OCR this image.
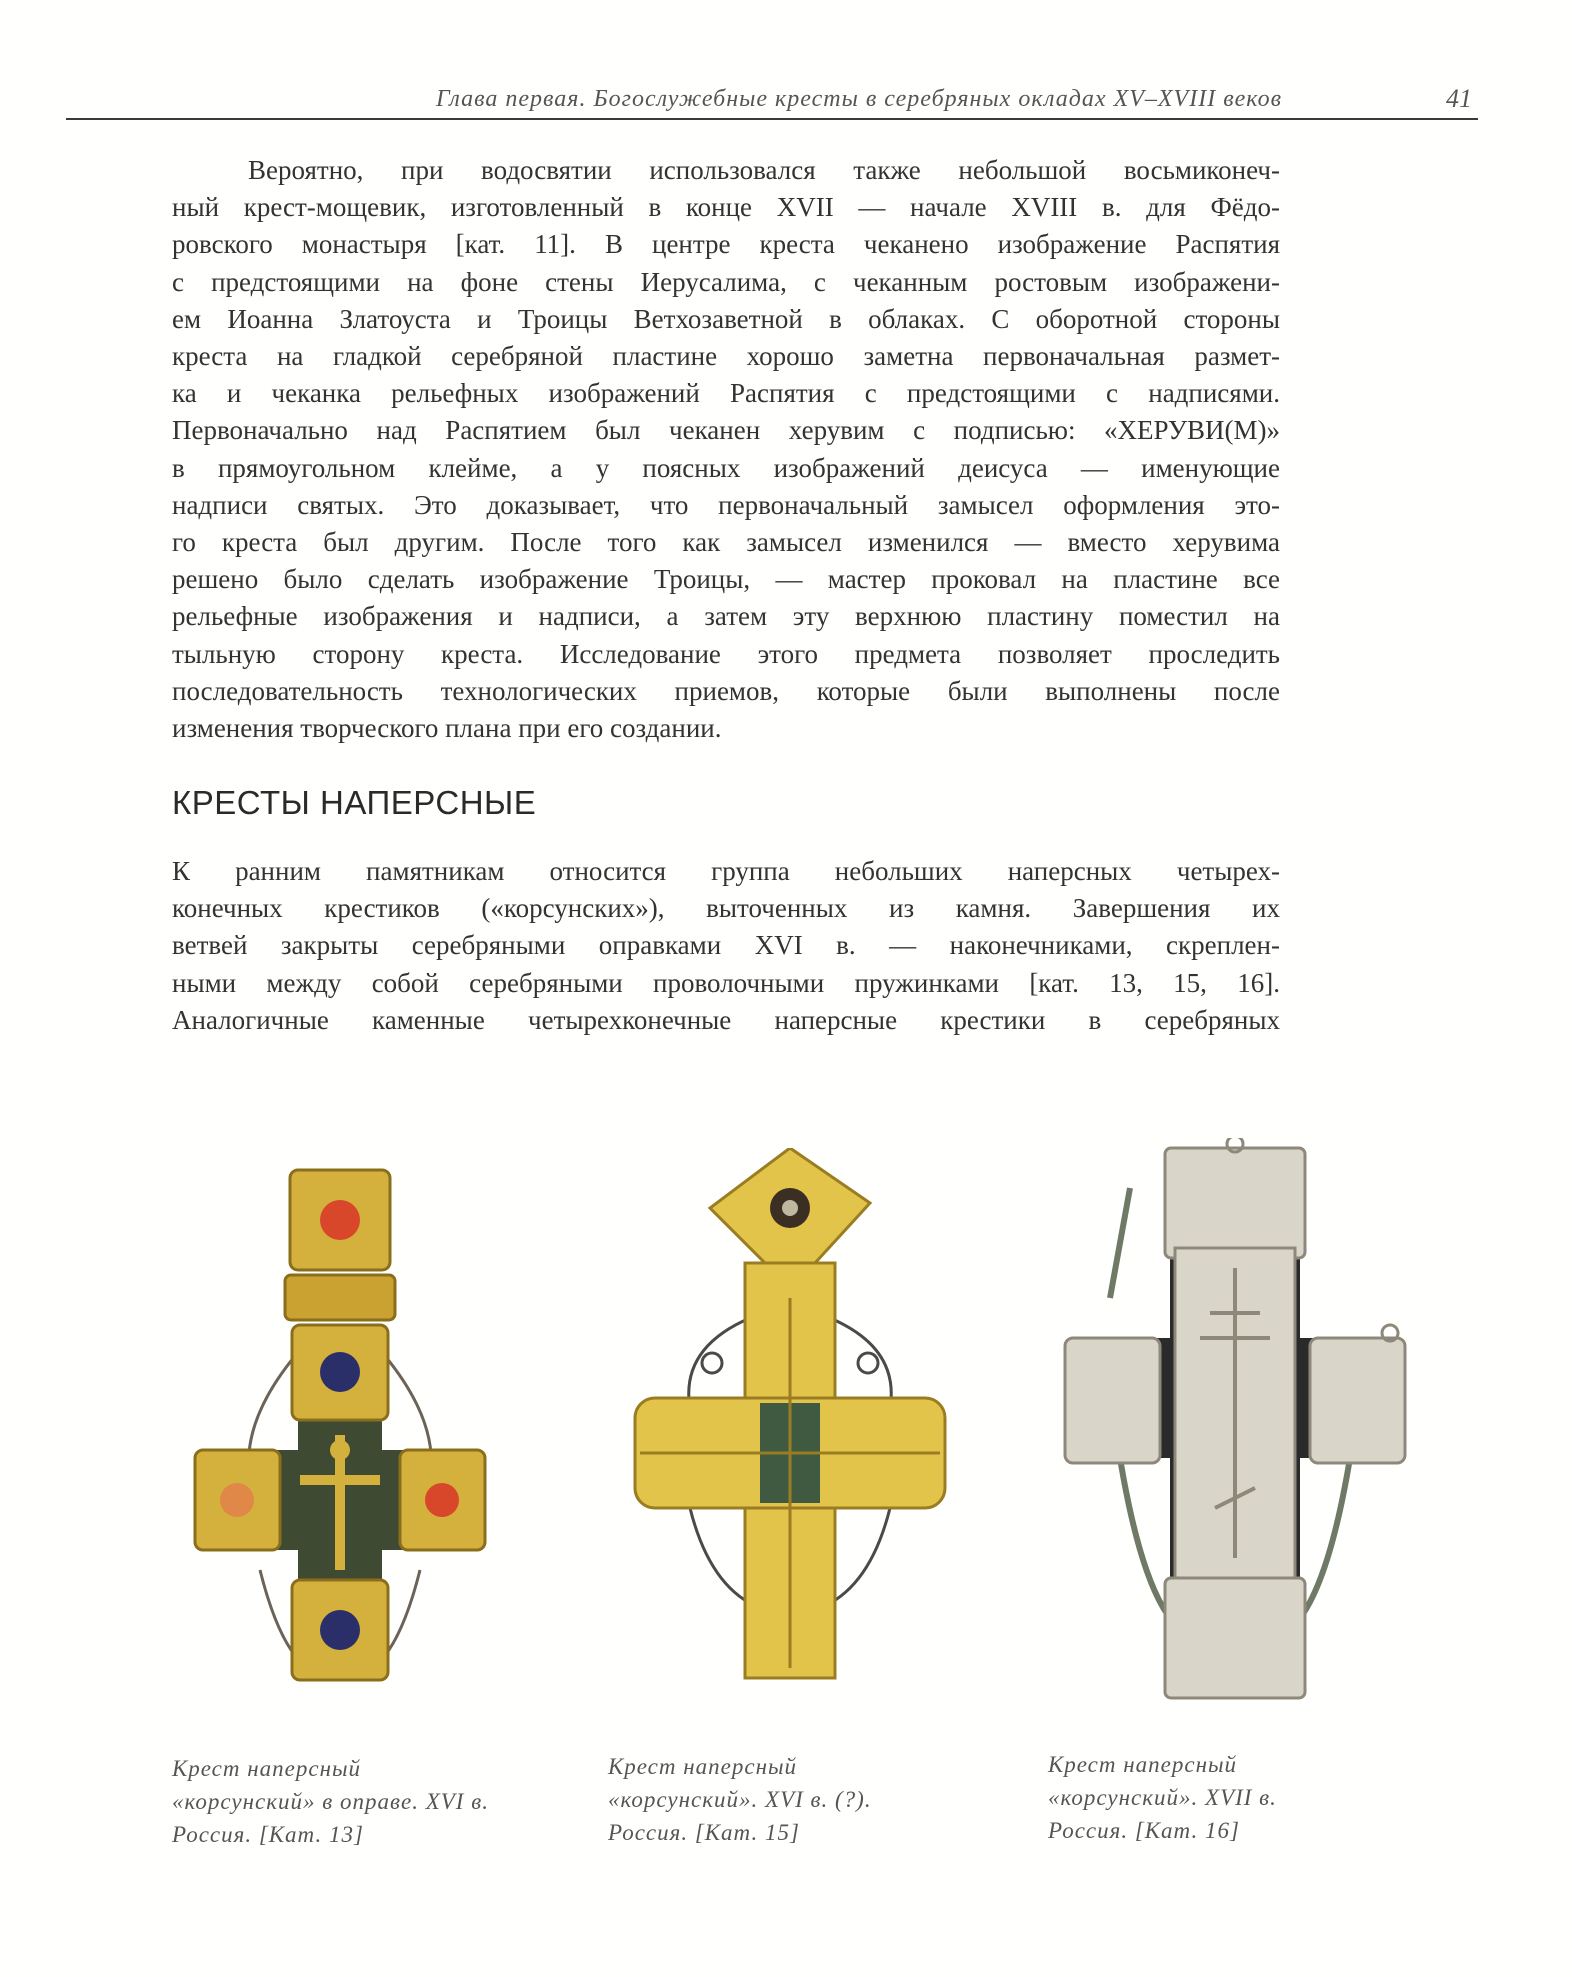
Глава первая. Богослужебные кресты в серебряных окладах XV–XVIII веков	41
Вероятно, при водосвятии использовался также небольшой восьмиконеч-
ный крест-мощевик, изготовленный в конце XVII — начале XVIII в. для Фёдо-
ровского монастыря [кат. 11]. В центре креста чеканено изображение Распятия
с предстоящими на фоне стены Иерусалима, с чеканным ростовым изображени-
ем Иоанна Златоуста и Троицы Ветхозаветной в облаках. С оборотной стороны
креста на гладкой серебряной пластине хорошо заметна первоначальная размет-
ка и чеканка рельефных изображений Распятия с предстоящими с надписями.
Первоначально над Распятием был чеканен херувим с подписью: «ХЕРУВИ(М)»
в прямоугольном клейме, а у поясных изображений деисуса — именующие
надписи святых. Это доказывает, что первоначальный замысел оформления это-
го креста был другим. После того как замысел изменился — вместо херувима
решено было сделать изображение Троицы, — мастер проковал на пластине все
рельефные изображения и надписи, а затем эту верхнюю пластину поместил на
тыльную сторону креста. Исследование этого предмета позволяет проследить
последовательность технологических приемов, которые были выполнены после
изменения творческого плана при его создании.
КРЕСТЫ НАПЕРСНЫЕ
К ранним памятникам относится группа небольших наперсных четырех-
конечных крестиков («корсунских»), выточенных из камня. Завершения их
ветвей закрыты серебряными оправками XVI в. — наконечниками, скреплен-
ными между собой серебряными проволочными пружинками [кат. 13, 15, 16].
Аналогичные каменные четырехконечные наперсные крестики в серебряных
Крест наперсный
«корсунский» в оправе. XVI в.
Россия. [Кат. 13]
Крест наперсный
«корсунский». XVI в. (?).
Россия. [Кат. 15]
Крест наперсный
«корсунский». XVII в.
Россия. [Кат. 16]
